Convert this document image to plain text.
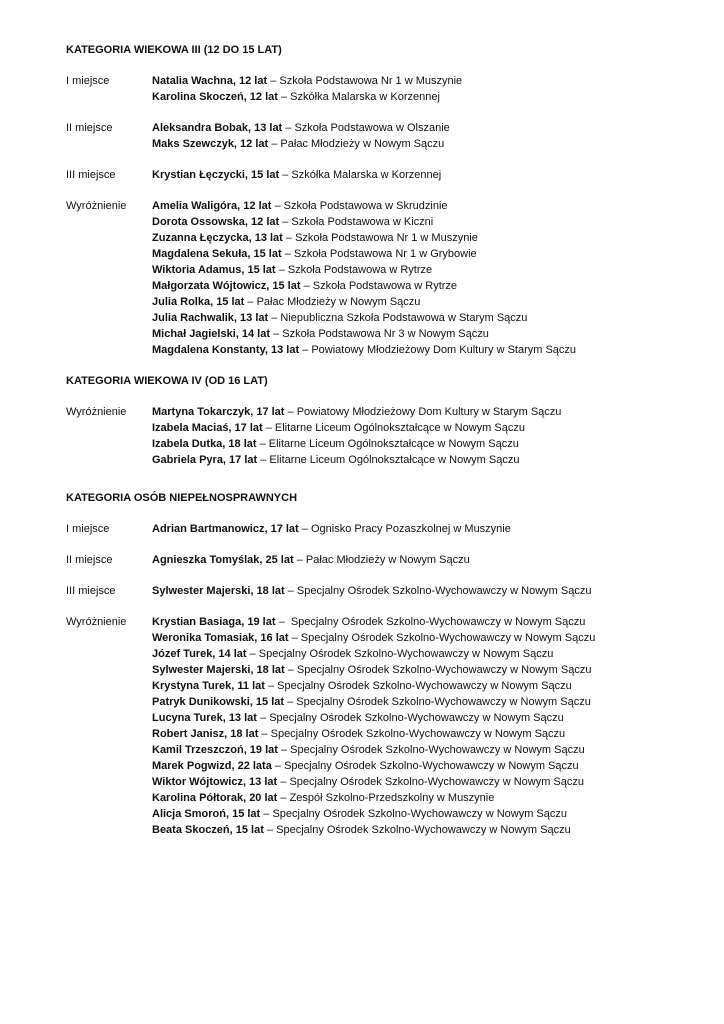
KATEGORIA WIEKOWA III (12 DO 15 LAT)
I miejsce	Natalia Wachna, 12 lat – Szkoła Podstawowa Nr 1 w Muszynie
Karolina Skoczeń, 12 lat – Szkółka Malarska w Korzennej
II miejsce	Aleksandra Bobak, 13 lat – Szkoła Podstawowa w Olszanie
Maks Szewczyk, 12 lat – Pałac Młodzieży w Nowym Sączu
III miejsce	Krystian Łęczycki, 15 lat – Szkółka Malarska w Korzennej
Wyróżnienie	Amelia Waligóra, 12 lat – Szkoła Podstawowa w Skrudzinie
Dorota Ossowska, 12 lat – Szkoła Podstawowa w Kiczni
Zuzanna Łęczycka, 13 lat – Szkoła Podstawowa Nr 1 w Muszynie
Magdalena Sekuła, 15 lat – Szkoła Podstawowa Nr 1 w Grybowie
Wiktoria Adamus, 15 lat – Szkoła Podstawowa w Rytrze
Małgorzata Wójtowicz, 15 lat – Szkoła Podstawowa w Rytrze
Julia Rolka, 15 lat – Pałac Młodzieży w Nowym Sączu
Julia Rachwalik, 13 lat – Niepubliczna Szkoła Podstawowa w Starym Sączu
Michał Jagielski, 14 lat – Szkoła Podstawowa Nr 3 w Nowym Sączu
Magdalena Konstanty, 13 lat – Powiatowy Młodzieżowy Dom Kultury w Starym Sączu
KATEGORIA WIEKOWA IV (OD 16 LAT)
Wyróżnienie	Martyna Tokarczyk, 17 lat – Powiatowy Młodzieżowy Dom Kultury w Starym Sączu
Izabela Maciaś, 17 lat – Elitarne Liceum Ogólnokształcące w Nowym Sączu
Izabela Dutka, 18 lat – Elitarne Liceum Ogólnokształcące w Nowym Sączu
Gabriela Pyra, 17 lat – Elitarne Liceum Ogólnokształcące w Nowym Sączu
KATEGORIA OSÓB NIEPEŁNOSPRAWNYCH
I miejsce	Adrian Bartmanowicz, 17 lat – Ognisko Pracy Pozaszkolnej w Muszynie
II miejsce	Agnieszka Tomyślak, 25 lat – Pałac Młodzieży w Nowym Sączu
III miejsce	Sylwester Majerski, 18 lat – Specjalny Ośrodek Szkolno-Wychowawczy w Nowym Sączu
Wyróżnienie	Krystian Basiaga, 19 lat –  Specjalny Ośrodek Szkolno-Wychowawczy w Nowym Sączu
Weronika Tomasiak, 16 lat – Specjalny Ośrodek Szkolno-Wychowawczy w Nowym Sączu
Józef Turek, 14 lat – Specjalny Ośrodek Szkolno-Wychowawczy w Nowym Sączu
Sylwester Majerski, 18 lat – Specjalny Ośrodek Szkolno-Wychowawczy w Nowym Sączu
Krystyna Turek, 11 lat – Specjalny Ośrodek Szkolno-Wychowawczy w Nowym Sączu
Patryk Dunikowski, 15 lat – Specjalny Ośrodek Szkolno-Wychowawczy w Nowym Sączu
Lucyna Turek, 13 lat – Specjalny Ośrodek Szkolno-Wychowawczy w Nowym Sączu
Robert Janisz, 18 lat – Specjalny Ośrodek Szkolno-Wychowawczy w Nowym Sączu
Kamil Trzeszczoń, 19 lat – Specjalny Ośrodek Szkolno-Wychowawczy w Nowym Sączu
Marek Pogwizd, 22 lata – Specjalny Ośrodek Szkolno-Wychowawczy w Nowym Sączu
Wiktor Wójtowicz, 13 lat – Specjalny Ośrodek Szkolno-Wychowawczy w Nowym Sączu
Karolina Półtorak, 20 lat – Zespół Szkolno-Przedszkolny w Muszynie
Alicja Smoroń, 15 lat – Specjalny Ośrodek Szkolno-Wychowawczy w Nowym Sączu
Beata Skoczeń, 15 lat – Specjalny Ośrodek Szkolno-Wychowawczy w Nowym Sączu
